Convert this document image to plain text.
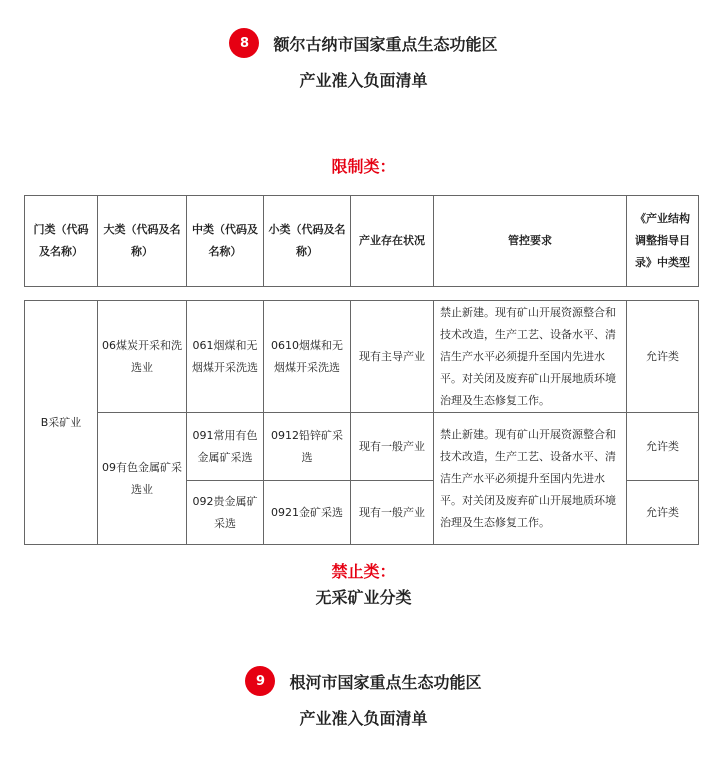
8	额尔古纳市国家重点生态功能区
产业准入负面清单
限制类：
门类（代码及名称）	大类（代码及名称）	中类（代码及名称）	小类（代码及名称）	产业存在状况	管控要求	《产业结构调整指导目录》中类型

B采矿业	06煤炭开采和洗选业	061烟煤和无烟煤开采洗选	0610烟煤和无烟煤开采洗选	现有主导产业	禁止新建。现有矿山开展资源整合和技术改造，生产工艺、设备水平、清洁生产水平必须提升至国内先进水平。对关闭及废弃矿山开展地质环境治理及生态修复工作。	允许类
	09有色金属矿采选业	091常用有色金属矿采选	0912铅锌矿采选	现有一般产业	禁止新建。现有矿山开展资源整合和技术改造，生产工艺、设备水平、清洁生产水平必须提升至国内先进水平。对关闭及废弃矿山开展地质环境治理及生态修复工作。	允许类
		092贵金属矿采选	0921金矿采选	现有一般产业		允许类
禁止类：
无采矿业分类
9	根河市国家重点生态功能区
产业准入负面清单
